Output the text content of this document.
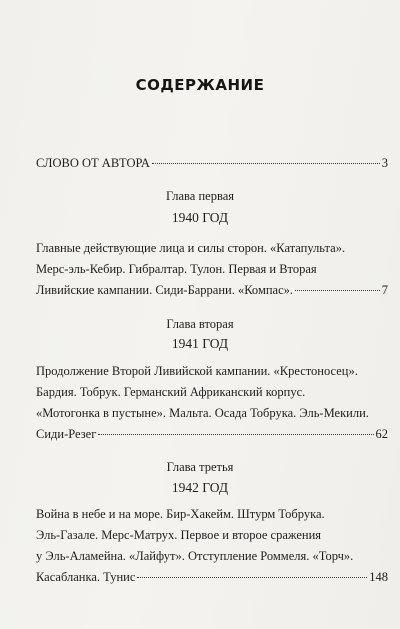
СОДЕРЖАНИЕ
СЛОВО ОТ АВТОРА	3
Глава первая
1940 ГОД
Главные действующие лица и силы сторон. «Катапульта».
Мерс-эль-Кебир. Гибралтар. Тулон. Первая и Вторая
Ливийские кампании. Сиди-Баррани. «Компас».	7
Глава вторая
1941 ГОД
Продолжение Второй Ливийской кампании. «Крестоносец».
Бардия. Тобрук. Германский Африканский корпус.
«Мотогонка в пустыне». Мальта. Осада Тобрука. Эль-Мекили.
Сиди-Резег	62
Глава третья
1942 ГОД
Война в небе и на море. Бир-Хакейм. Штурм Тобрука.
Эль-Газале. Мерс-Матрух. Первое и второе сражения
у Эль-Аламейна. «Лайфут». Отступление Роммеля. «Торч».
Касабланка. Тунис	148
